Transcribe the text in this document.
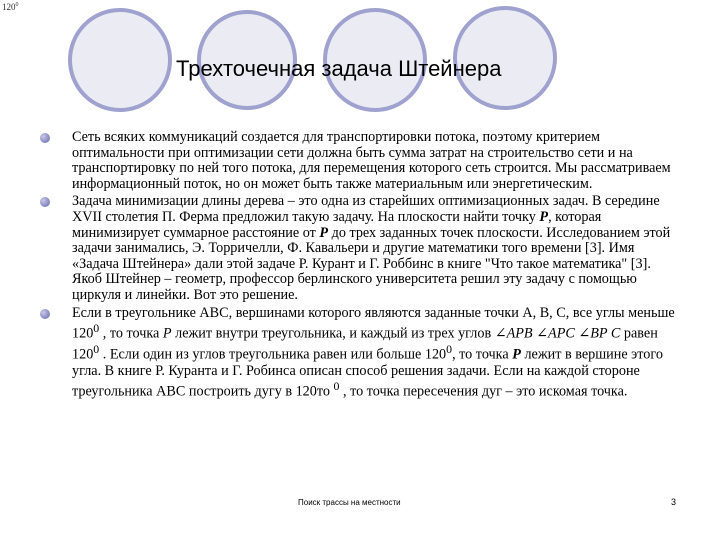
$120^0$
Трехточечная задача Штейнера
Сеть всяких коммуникаций создается для транспортировки потока, поэтому критерием оптимальности при оптимизации сети должна быть сумма затрат на строительство сети и на транспортировку по ней того потока, для перемещения которого сеть строится. Мы рассматриваем информационный поток, но он может быть также материальным или энергетическим.
Задача минимизации длины дерева – это одна из старейших оптимизационных задач. В середине XVII столетия П. Ферма предложил такую задачу. На плоскости найти точку P, которая минимизирует суммарное расстояние от P до трех заданных точек плоскости. Исследованием этой задачи занимались, Э. Торричелли, Ф. Кавальери и другие математики того времени [3]. Имя «Задача Штейнера» дали этой задаче Р. Курант и Г. Роббинс в книге "Что такое математика" [3]. Якоб Штейнер – геометр, профессор берлинского университета решил эту задачу с помощью циркуля и линейки. Вот это решение.
Если в треугольнике ABC, вершинами которого являются заданные точки A, B, C, все углы меньше $120^0$ , то точка P лежит внутри треугольника, и каждый из трех углов ∠APB ∠APC ∠BP C равен $120^0$ . Если один из углов треугольника равен или больше $120^0$, то точка P лежит в вершине этого угла. В книге Р. Куранта и Г. Робинса описан способ решения задачи. Если на каждой стороне треугольника ABC построить дугу в 120то $^0$ , то точка пересечения дуг – это искомая точка.
Поиск трассы на местности	3
